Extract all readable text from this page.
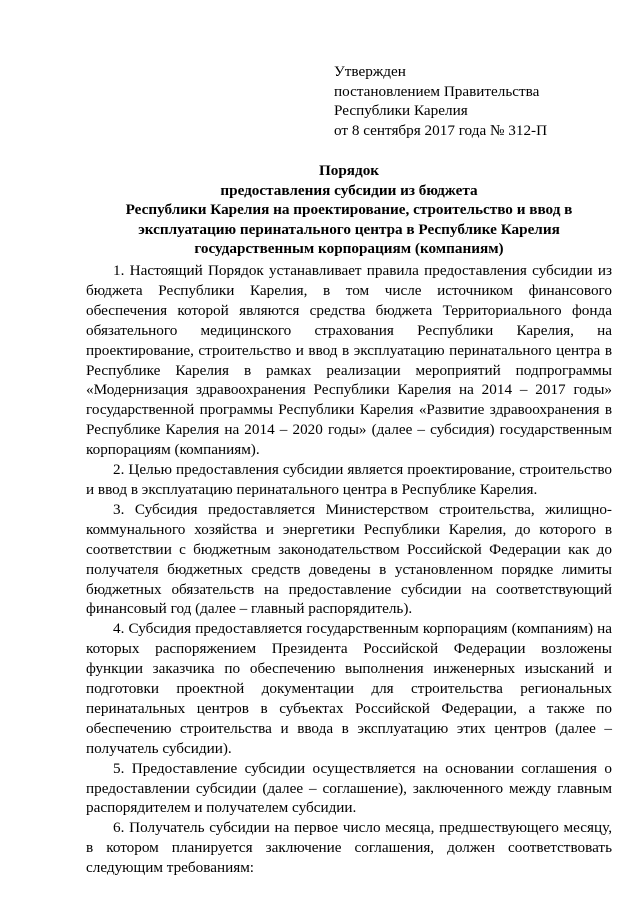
Утвержден
постановлением Правительства
Республики Карелия
от 8 сентября 2017 года № 312-П
Порядок
предоставления субсидии из бюджета
Республики Карелия на проектирование, строительство и ввод в
эксплуатацию перинатального центра в Республике Карелия
государственным корпорациям (компаниям)

1. Настоящий Порядок устанавливает правила предоставления субсидии из бюджета Республики Карелия, в том числе источником финансового обеспечения которой являются средства бюджета Территориального фонда обязательного медицинского страхования Республики Карелия, на проектирование, строительство и ввод в эксплуатацию перинатального центра в Республике Карелия в рамках реализации мероприятий подпрограммы «Модернизация здравоохранения Республики Карелия на 2014 – 2017 годы» государственной программы Республики Карелия «Развитие здравоохранения в Республике Карелия на 2014 – 2020 годы» (далее – субсидия) государственным корпорациям (компаниям).

2. Целью предоставления субсидии является проектирование, строительство и ввод в эксплуатацию перинатального центра в Республике Карелия.

3. Субсидия предоставляется Министерством строительства, жилищно-коммунального хозяйства и энергетики Республики Карелия, до которого в соответствии с бюджетным законодательством Российской Федерации как до получателя бюджетных средств доведены в установленном порядке лимиты бюджетных обязательств на предоставление субсидии на соответствующий финансовый год (далее – главный распорядитель).

4. Субсидия предоставляется государственным корпорациям (компаниям) на которых распоряжением Президента Российской Федерации возложены функции заказчика по обеспечению выполнения инженерных изысканий и подготовки проектной документации для строительства региональных перинатальных центров в субъектах Российской Федерации, а также по обеспечению строительства и ввода в эксплуатацию этих центров (далее – получатель субсидии).

5. Предоставление субсидии осуществляется на основании соглашения о предоставлении субсидии (далее – соглашение), заключенного между главным распорядителем и получателем субсидии.

6. Получатель субсидии на первое число месяца, предшествующего месяцу, в котором планируется заключение соглашения, должен соответствовать следующим требованиям:
